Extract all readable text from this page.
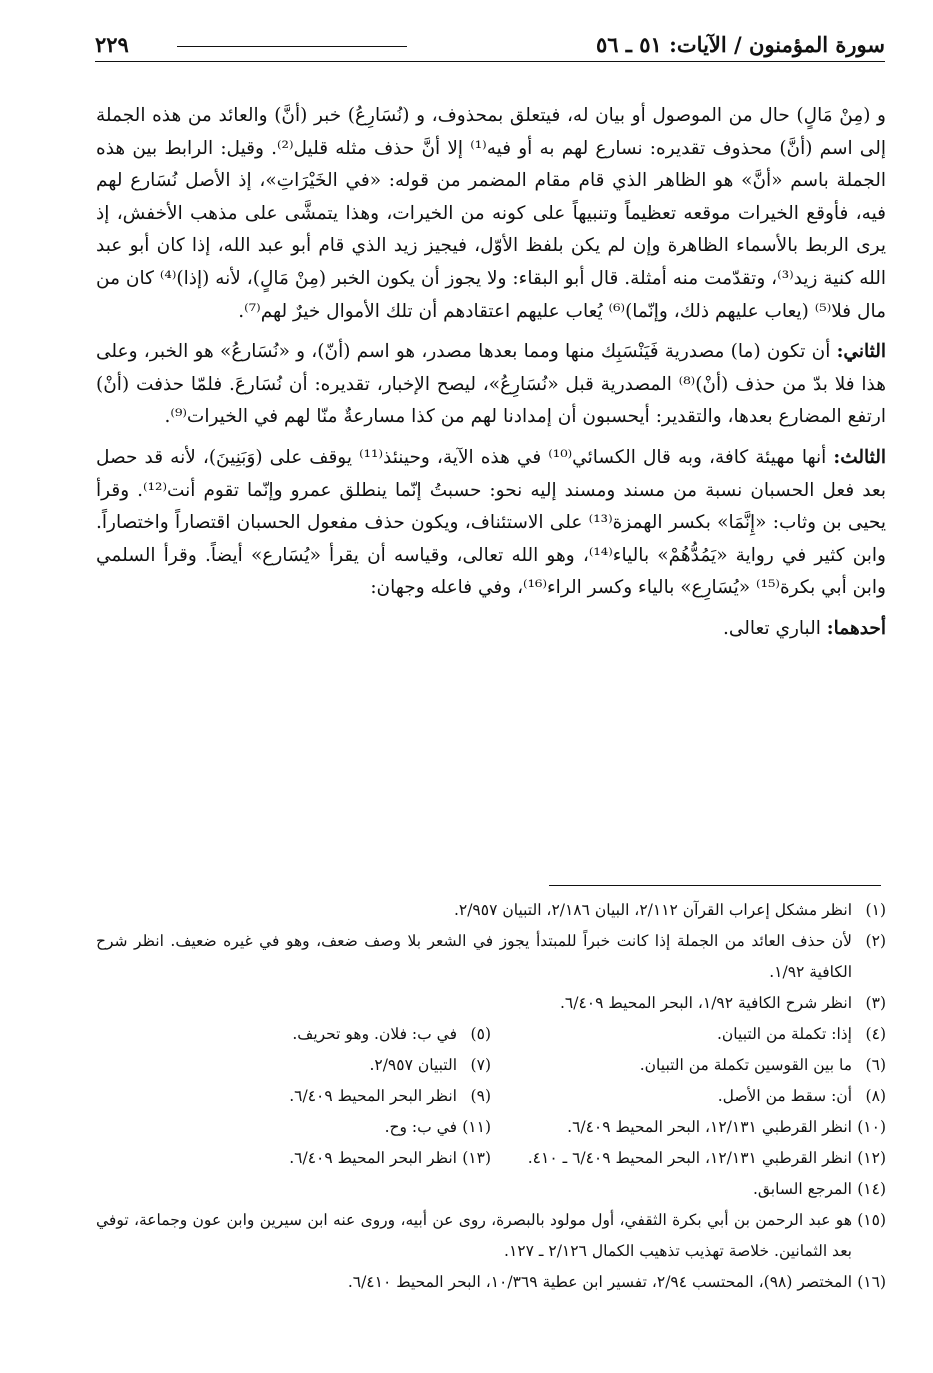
سورة المؤمنون / الآيات: ٥١ ـ ٥٦
٢٢٩

و (مِنْ مَالٍ) حال من الموصول أو بيان له، فيتعلق بمحذوف، و (نُسَارِعُ) خبر (أنَّ) والعائد من هذه الجملة إلى اسم (أنَّ) محذوف تقديره: نسارع لهم به أو فيه⁽¹⁾ إلا أنَّ حذف مثله قليل⁽²⁾. وقيل: الرابط بين هذه الجملة باسم «أنَّ» هو الظاهر الذي قام مقام المضمر من قوله: «في الخَيْرَاتِ»، إذ الأصل نُسَارع لهم فيه، فأوقع الخيرات موقعه تعظيماً وتنبيهاً على كونه من الخيرات، وهذا يتمشَّى على مذهب الأخفش، إذ يرى الربط بالأسماء الظاهرة وإن لم يكن بلفظ الأوّل، فيجيز زيد الذي قام أبو عبد الله، إذا كان أبو عبد الله كنية زيد⁽³⁾، وتقدّمت منه أمثلة. قال أبو البقاء: ولا يجوز أن يكون الخبر (مِنْ مَالٍ)، لأنه (إذا)⁽⁴⁾ كان من مال فلا⁽⁵⁾ (يعاب عليهم ذلك، وإنّما)⁽⁶⁾ يُعاب عليهم اعتقادهم أن تلك الأموال خيرٌ لهم⁽⁷⁾.

الثاني: أن تكون (ما) مصدرية فَيَنْسَبِك منها ومما بعدها مصدر، هو اسم (أنّ)، و «نُسَارعُ» هو الخبر، وعلى هذا فلا بدّ من حذف (أنْ)⁽⁸⁾ المصدرية قبل «نُسَارِعُ»، ليصح الإخبار، تقديره: أن نُسَارعَ. فلمّا حذفت (أنْ) ارتفع المضارع بعدها، والتقدير: أيحسبون أن إمدادنا لهم من كذا مسارعةٌ منّا لهم في الخيرات⁽⁹⁾.

الثالث: أنها مهيئة كافة، وبه قال الكسائي⁽¹⁰⁾ في هذه الآية، وحينئذ⁽¹¹⁾ يوقف على (وَبَنِينَ)، لأنه قد حصل بعد فعل الحسبان نسبة من مسند ومسند إليه نحو: حسبتُ إنّما ينطلق عمرو وإنّما تقوم أنت⁽¹²⁾. وقرأ يحيى بن وثاب: «إِنَّمَا» بكسر الهمزة⁽¹³⁾ على الاستئناف، ويكون حذف مفعول الحسبان اقتصاراً واختصاراً. وابن كثير في رواية «يَمُدُّهُمْ» بالياء⁽¹⁴⁾، وهو الله تعالى، وقياسه أن يقرأ «يُسَارع» أيضاً. وقرأ السلمي وابن أبي بكرة⁽¹⁵⁾ «يُسَارِع» بالياء وكسر الراء⁽¹⁶⁾، وفي فاعله وجهان:

أحدهما: الباري تعالى.

(١)
انظر مشكل إعراب القرآن ٢/١١٢، البيان ٢/١٨٦، التبيان ٢/٩٥٧.
(٢)
لأن حذف العائد من الجملة إذا كانت خبراً للمبتدأ يجوز في الشعر بلا وصف ضعف، وهو في غيره ضعيف. انظر شرح الكافية ١/٩٢.
(٣)
انظر شرح الكافية ١/٩٢، البحر المحيط ٦/٤٠٩.
(٤)
إذا: تكملة من التبيان.
(٥)
في ب: فلان. وهو تحريف.
(٦)
ما بين القوسين تكملة من التبيان.
(٧)
التبيان ٢/٩٥٧.
(٨)
أن: سقط من الأصل.
(٩)
انظر البحر المحيط ٦/٤٠٩.
(١٠)
انظر القرطبي ١٢/١٣١، البحر المحيط ٦/٤٠٩.
(١١)
في ب: وح.
(١٢)
انظر القرطبي ١٢/١٣١، البحر المحيط ٦/٤٠٩ ـ ٤١٠.
(١٣)
انظر البحر المحيط ٦/٤٠٩.
(١٤)
المرجع السابق.
(١٥)
هو عبد الرحمن بن أبي بكرة الثقفي، أول مولود بالبصرة، روى عن أبيه، وروى عنه ابن سيرين وابن عون وجماعة، توفي بعد الثمانين. خلاصة تهذيب تذهيب الكمال ٢/١٢٦ ـ ١٢٧.
(١٦)
المختصر (٩٨)، المحتسب ٢/٩٤، تفسير ابن عطية ١٠/٣٦٩، البحر المحيط ٦/٤١٠.
